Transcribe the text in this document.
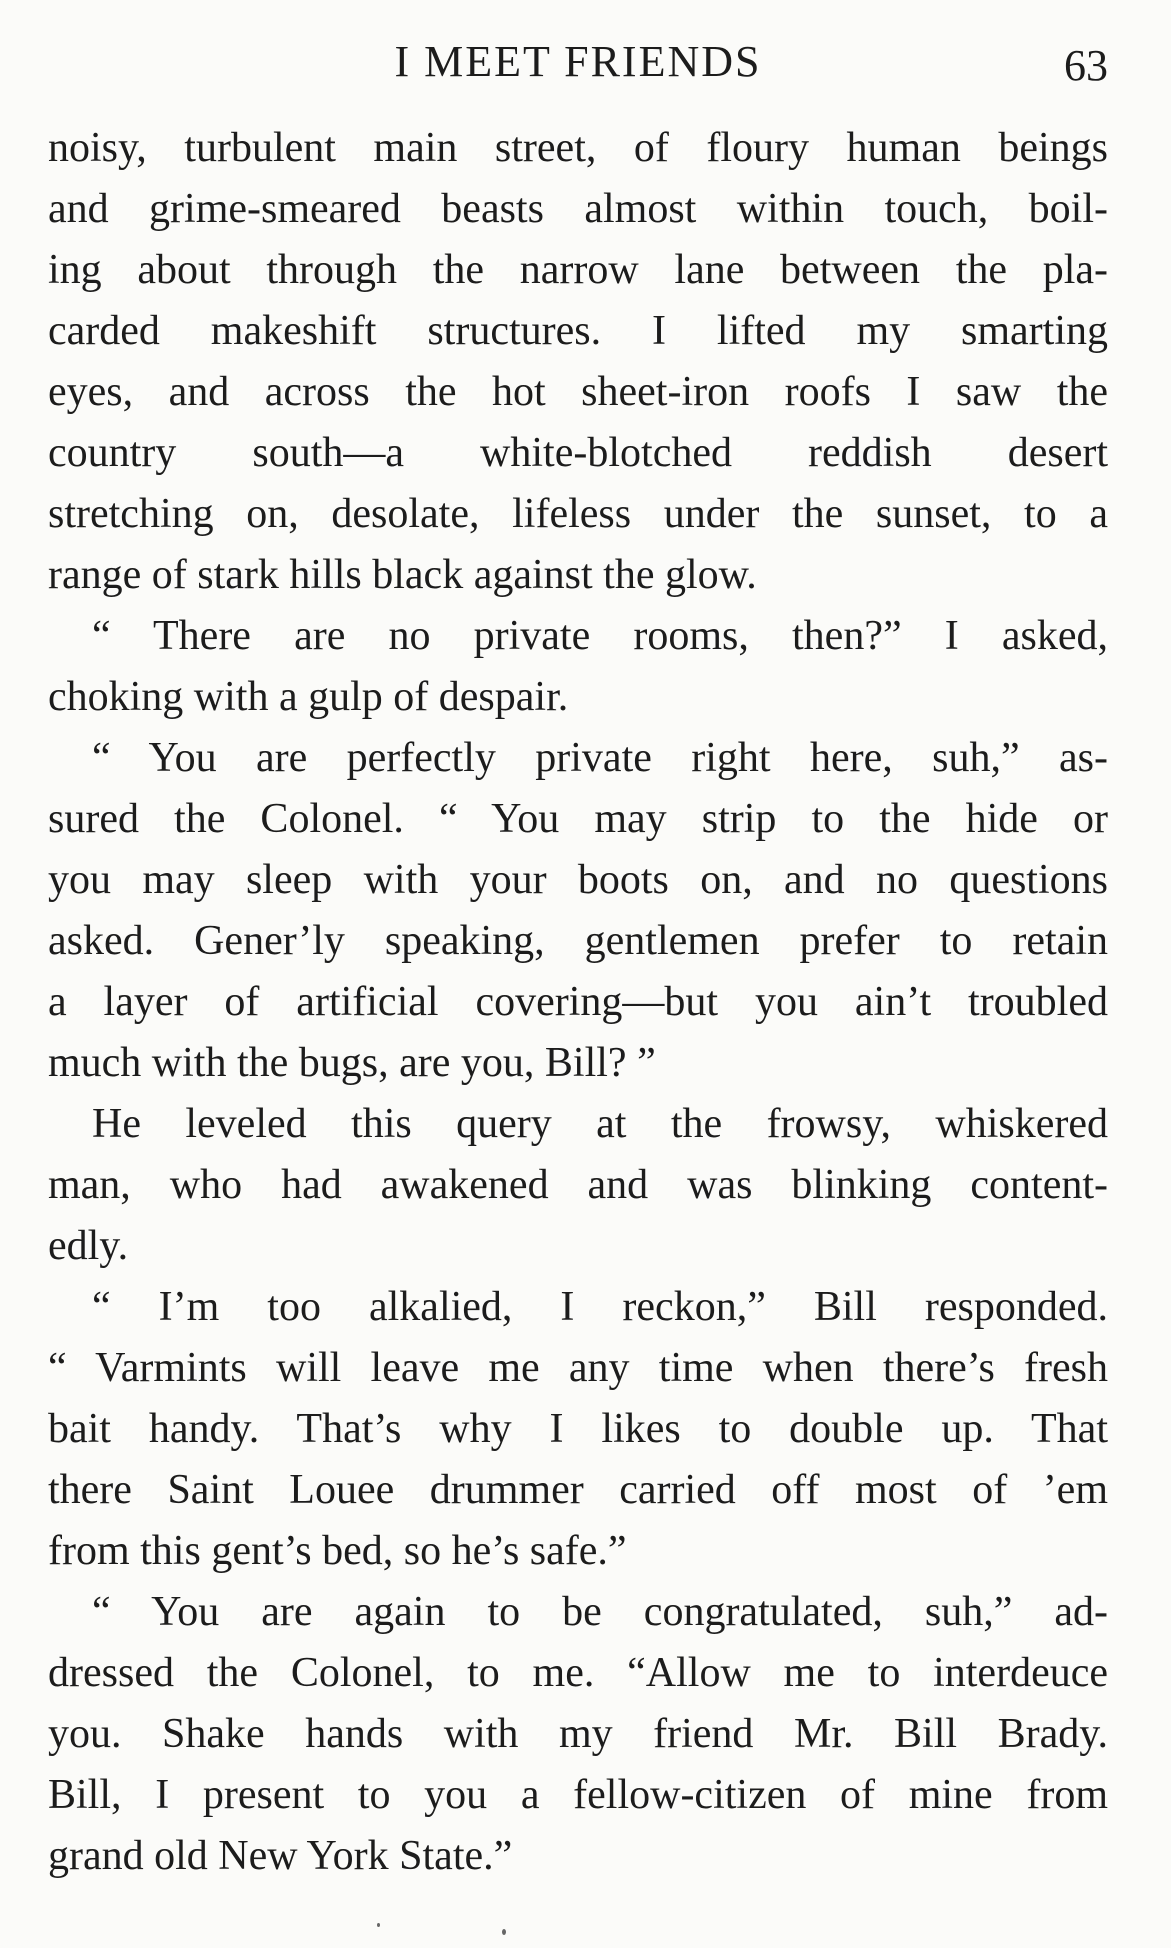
I MEET FRIENDS	63
noisy, turbulent main street, of floury human beings
and grime-smeared beasts almost within touch, boil-
ing about through the narrow lane between the pla-
carded makeshift structures. I lifted my smarting
eyes, and across the hot sheet-iron roofs I saw the
country south—a white-blotched reddish desert
stretching on, desolate, lifeless under the sunset, to a
range of stark hills black against the glow.
“ There are no private rooms, then?” I asked,
choking with a gulp of despair.
“ You are perfectly private right here, suh,” as-
sured the Colonel. “ You may strip to the hide or
you may sleep with your boots on, and no questions
asked. Gener’ly speaking, gentlemen prefer to retain
a layer of artificial covering—but you ain’t troubled
much with the bugs, are you, Bill? ”
He leveled this query at the frowsy, whiskered
man, who had awakened and was blinking content-
edly.
“ I’m too alkalied, I reckon,” Bill responded.
“ Varmints will leave me any time when there’s fresh
bait handy. That’s why I likes to double up. That
there Saint Louee drummer carried off most of ’em
from this gent’s bed, so he’s safe.”
“ You are again to be congratulated, suh,” ad-
dressed the Colonel, to me. “Allow me to interdeuce
you. Shake hands with my friend Mr. Bill Brady.
Bill, I present to you a fellow-citizen of mine from
grand old New York State.”
